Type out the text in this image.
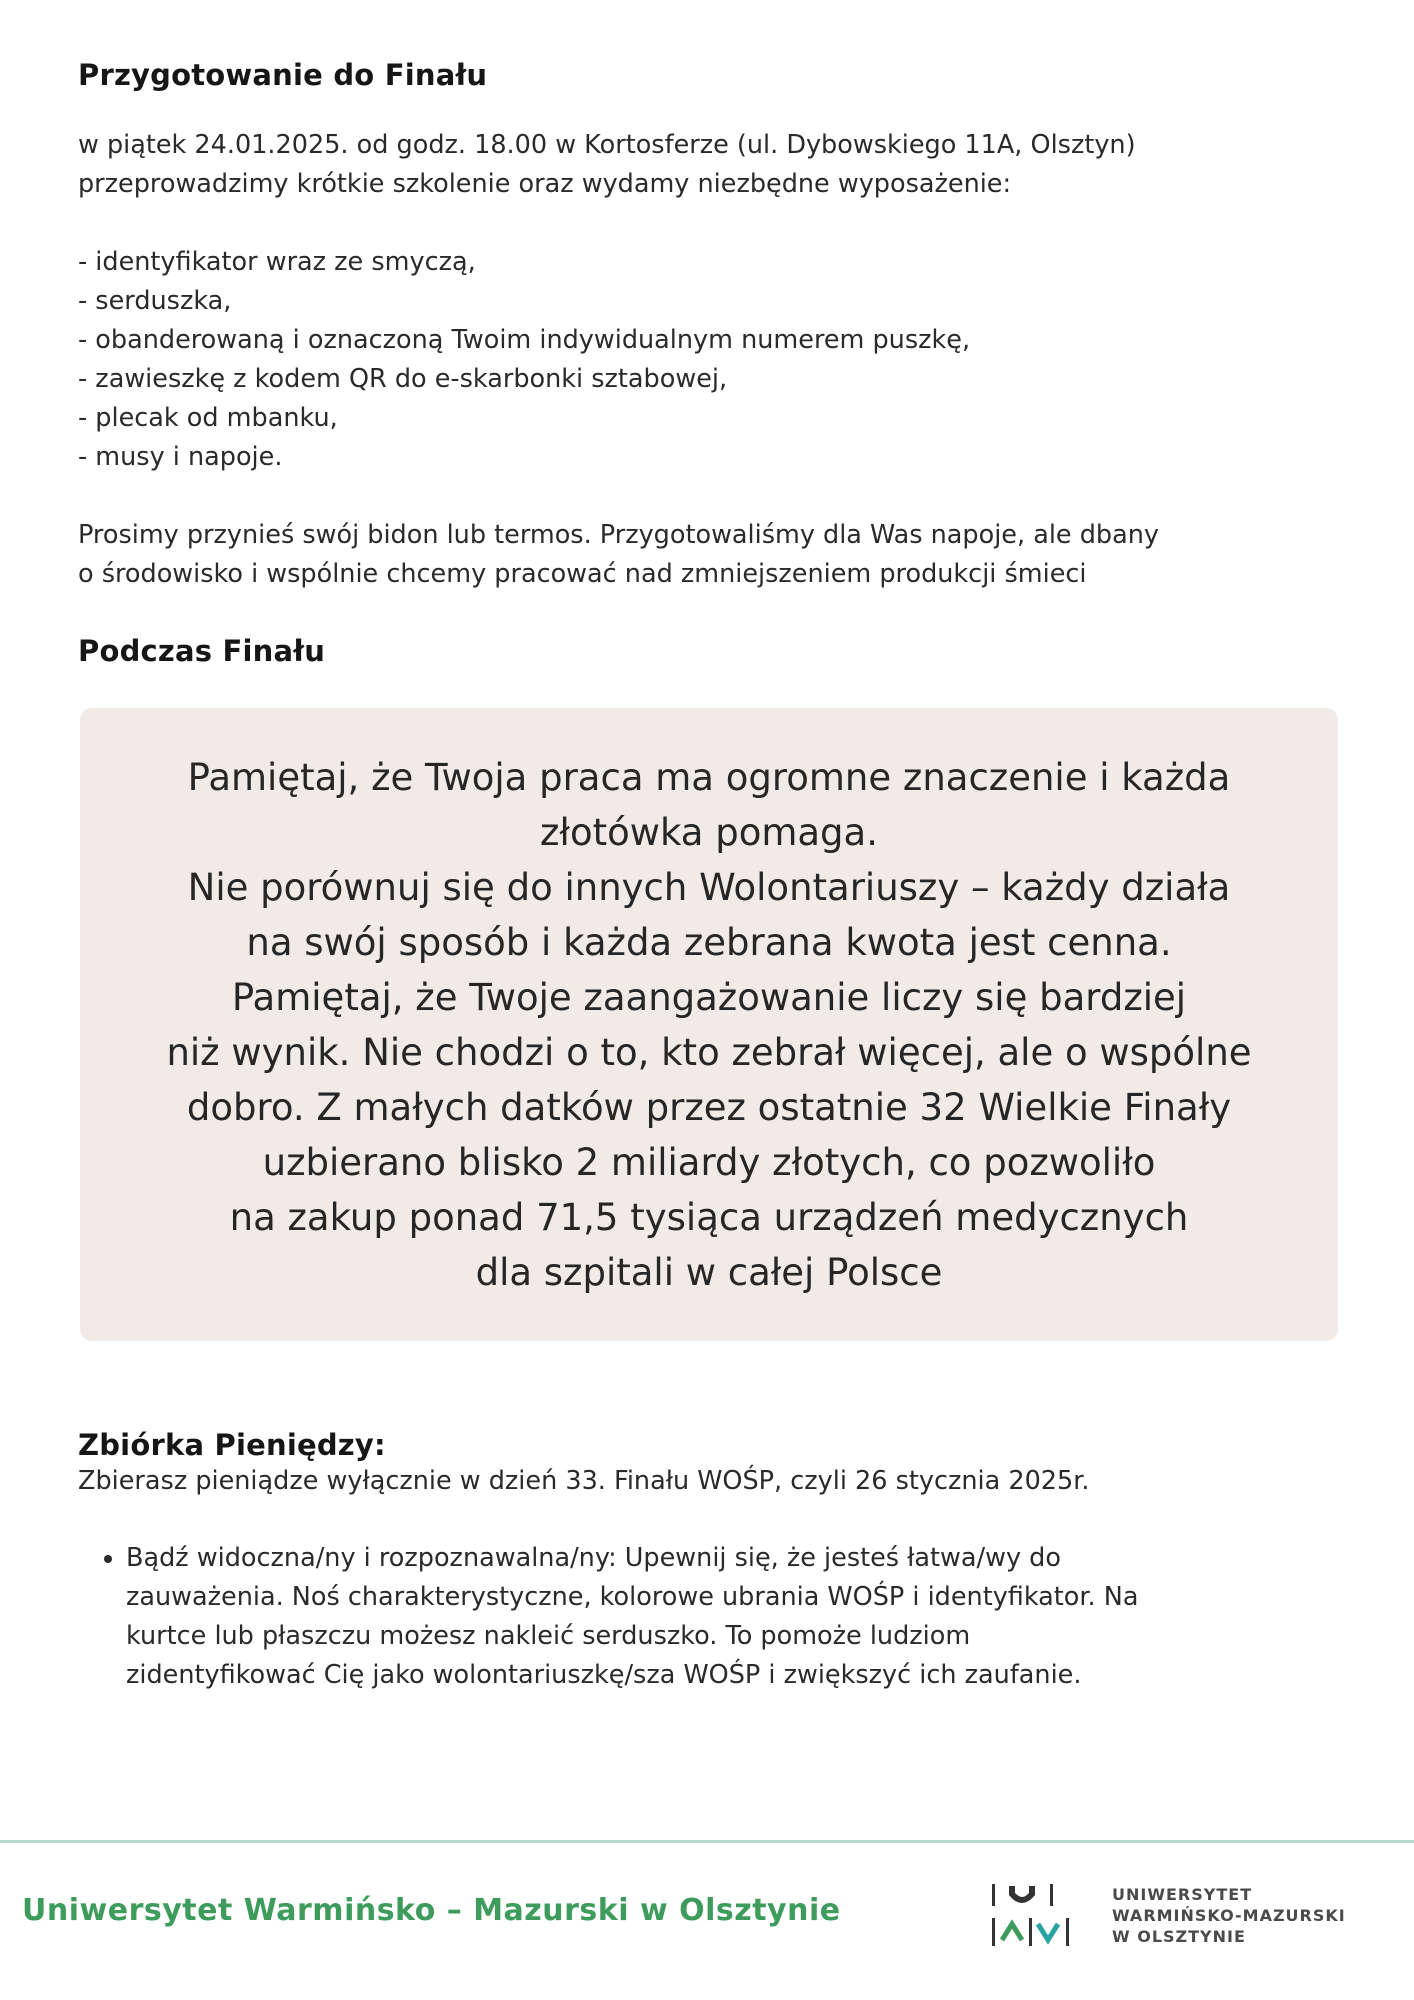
Przygotowanie do Finału

w piątek 24.01.2025. od godz. 18.00 w Kortosferze (ul. Dybowskiego 11A, Olsztyn)

przeprowadzimy krótkie szkolenie oraz wydamy niezbędne wyposażenie:

- identyfikator wraz ze smyczą,
- serduszka,
- obanderowaną i oznaczoną Twoim indywidualnym numerem puszkę,
- zawieszkę z kodem QR do e-skarbonki sztabowej,
- plecak od mbanku,
- musy i napoje.

Prosimy przynieś swój bidon lub termos. Przygotowaliśmy dla Was napoje, ale dbany

o środowisko i wspólnie chcemy pracować nad zmniejszeniem produkcji śmieci

Podczas Finału
Pamiętaj, że Twoja praca ma ogromne znaczenie i każda
złotówka pomaga.
Nie porównuj się do innych Wolontariuszy – każdy działa
na swój sposób i każda zebrana kwota jest cenna.
Pamiętaj, że Twoje zaangażowanie liczy się bardziej
niż wynik. Nie chodzi o to, kto zebrał więcej, ale o wspólne
dobro. Z małych datków przez ostatnie 32 Wielkie Finały
uzbierano blisko 2 miliardy złotych, co pozwoliło
na zakup ponad 71,5 tysiąca urządzeń medycznych
dla szpitali w całej Polsce
Zbiórka Pieniędzy:

Zbierasz pieniądze wyłącznie w dzień 33. Finału WOŚP, czyli 26 stycznia 2025r.

• Bądź widoczna/ny i rozpoznawalna/ny: Upewnij się, że jesteś łatwa/wy do
zauważenia. Noś charakterystyczne, kolorowe ubrania WOŚP i identyfikator. Na
kurtce lub płaszczu możesz nakleić serduszko. To pomoże ludziom
zidentyfikować Cię jako wolontariuszkę/sza WOŚP i zwiększyć ich zaufanie.
Uniwersytet Warmińsko – Mazurski w Olsztynie	UNIWERSYTET
WARMIŃSKO-MAZURSKI
W OLSZTYNIE
